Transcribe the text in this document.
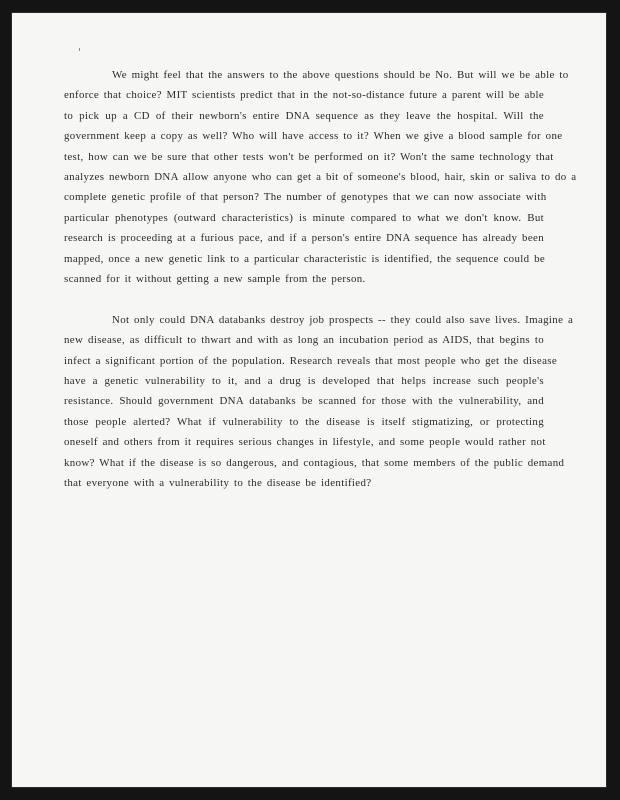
We might feel that the answers to the above questions should be No. But will we be able to
enforce that choice? MIT scientists predict that in the not-so-distance future a parent will be able
to pick up a CD of their newborn's entire DNA sequence as they leave the hospital. Will the
government keep a copy as well? Who will have access to it? When we give a blood sample for one
test, how can we be sure that other tests won't be performed on it? Won't the same technology that
analyzes newborn DNA allow anyone who can get a bit of someone's blood, hair, skin or saliva to do a
complete genetic profile of that person? The number of genotypes that we can now associate with
particular phenotypes (outward characteristics) is minute compared to what we don't know. But
research is proceeding at a furious pace, and if a person's entire DNA sequence has already been
mapped, once a new genetic link to a particular characteristic is identified, the sequence could be
scanned for it without getting a new sample from the person.
Not only could DNA databanks destroy job prospects -- they could also save lives. Imagine a
new disease, as difficult to thwart and with as long an incubation period as AIDS, that begins to
infect a significant portion of the population. Research reveals that most people who get the disease
have a genetic vulnerability to it, and a drug is developed that helps increase such people's
resistance. Should government DNA databanks be scanned for those with the vulnerability, and
those people alerted? What if vulnerability to the disease is itself stigmatizing, or protecting
oneself and others from it requires serious changes in lifestyle, and some people would rather not
know? What if the disease is so dangerous, and contagious, that some members of the public demand
that everyone with a vulnerability to the disease be identified?
